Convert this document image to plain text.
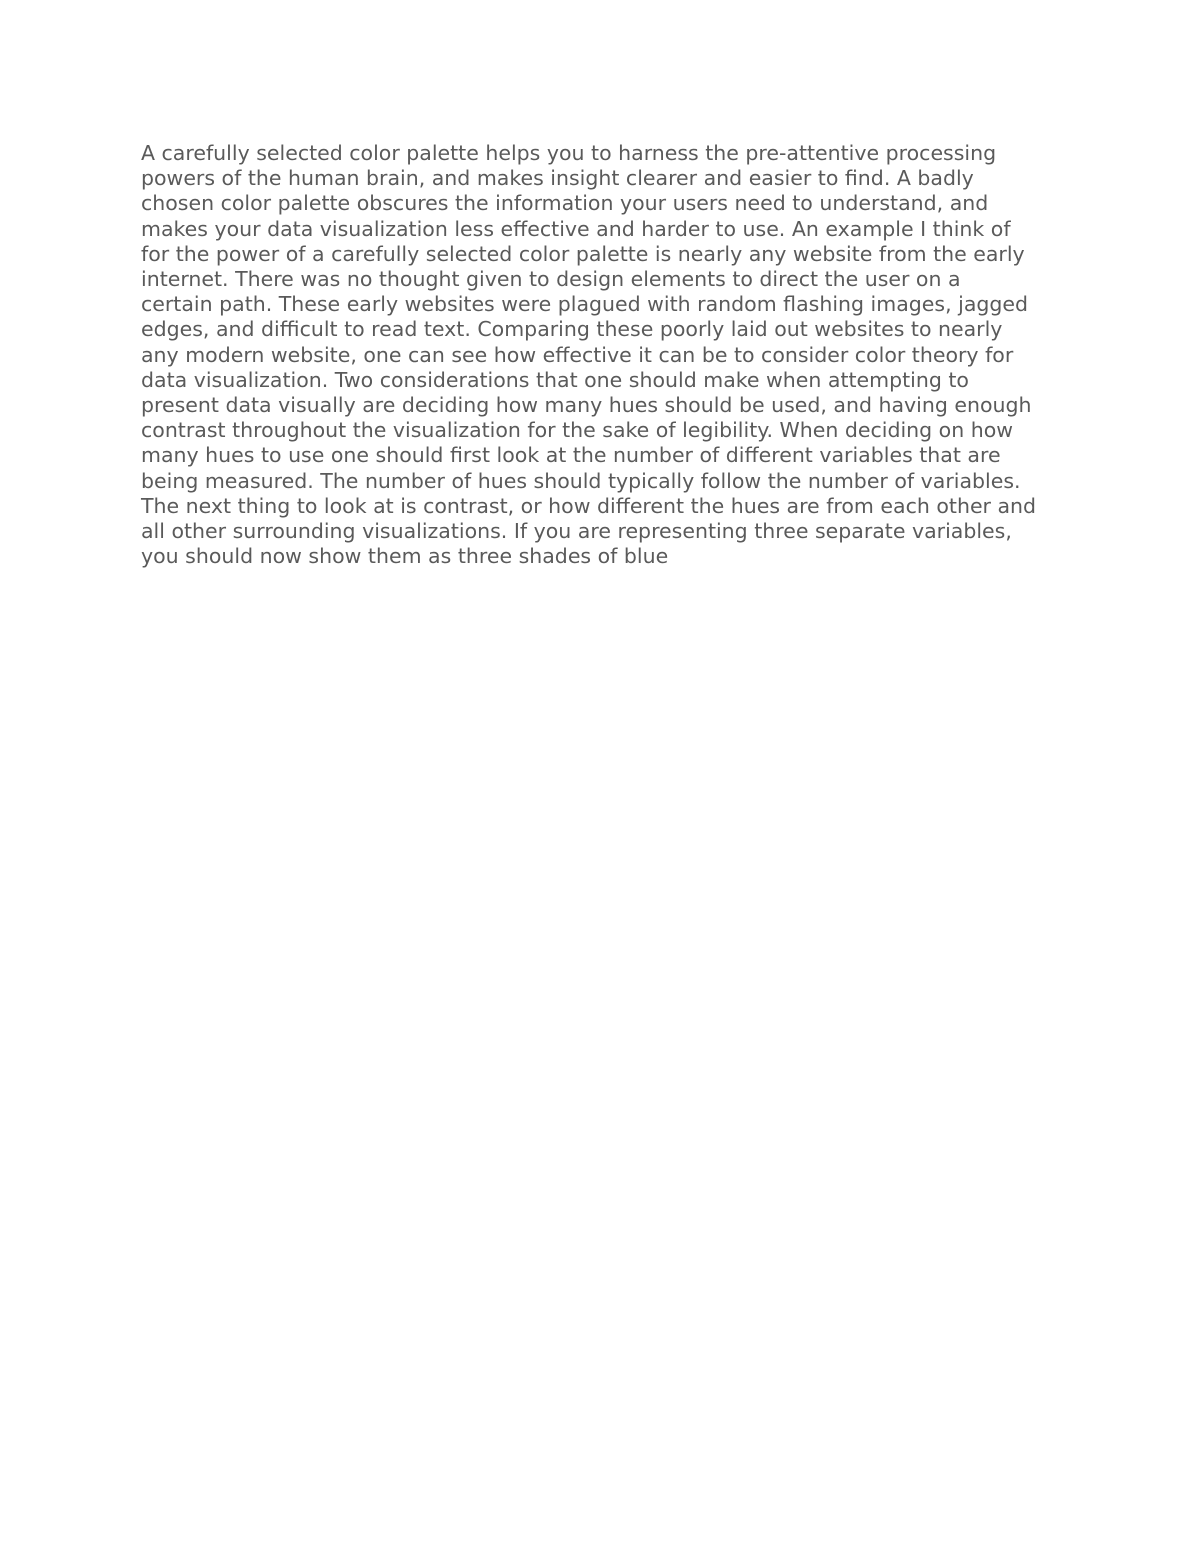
A carefully selected color palette helps you to harness the pre-attentive processing
powers of the human brain, and makes insight clearer and easier to find. A badly
chosen color palette obscures the information your users need to understand, and
makes your data visualization less effective and harder to use. An example I think of
for the power of a carefully selected color palette is nearly any website from the early
internet. There was no thought given to design elements to direct the user on a
certain path. These early websites were plagued with random flashing images, jagged
edges, and difficult to read text. Comparing these poorly laid out websites to nearly
any modern website, one can see how effective it can be to consider color theory for
data visualization. Two considerations that one should make when attempting to
present data visually are deciding how many hues should be used, and having enough
contrast throughout the visualization for the sake of legibility. When deciding on how
many hues to use one should first look at the number of different variables that are
being measured. The number of hues should typically follow the number of variables.
The next thing to look at is contrast, or how different the hues are from each other and
all other surrounding visualizations. If you are representing three separate variables,
you should now show them as three shades of blue
